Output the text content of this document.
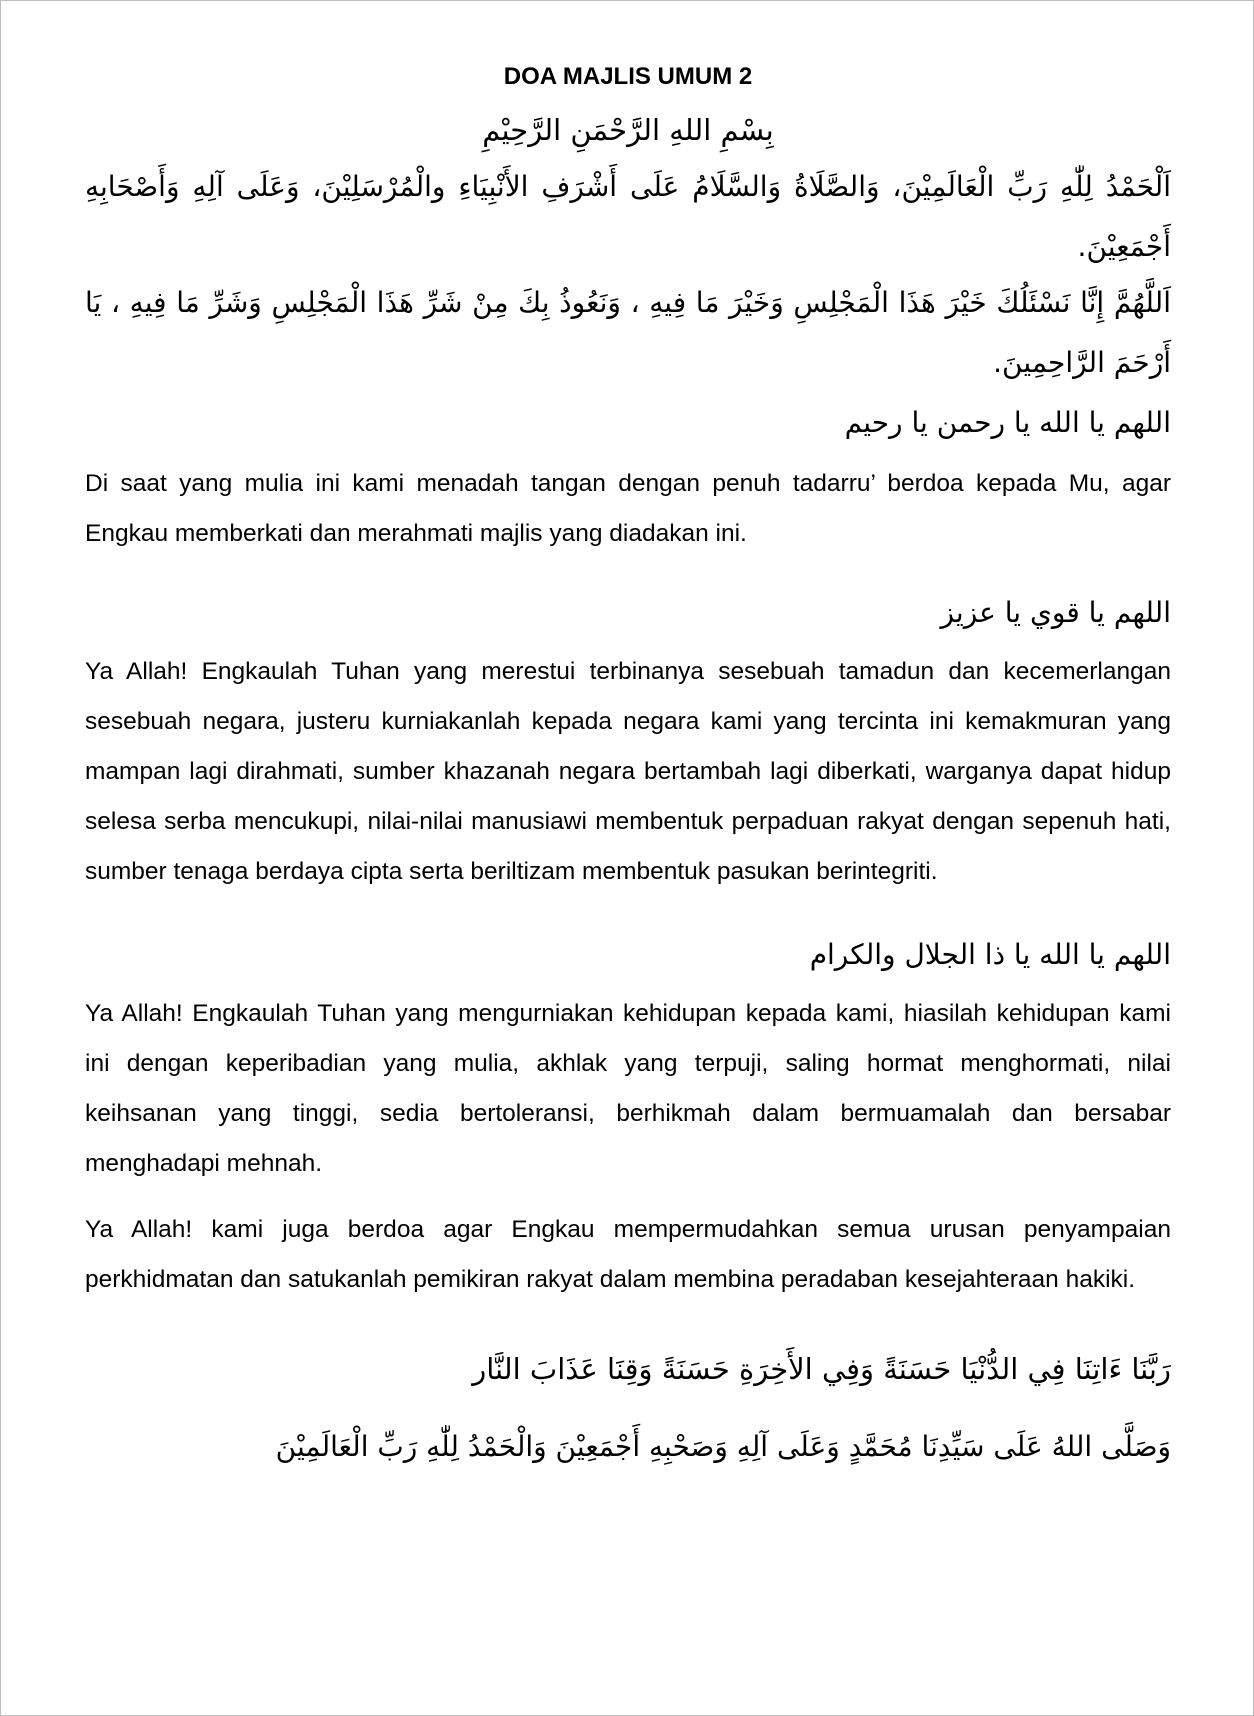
DOA MAJLIS UMUM 2

بِسْمِ اللهِ الرَّحْمَنِ الرَّحِيْمِ

اَلْحَمْدُ لِلّٰهِ رَبِّ الْعَالَمِيْنَ، وَالصَّلَاةُ وَالسَّلَامُ عَلَى أَشْرَفِ الأَنْبِيَاءِ والْمُرْسَلِيْنَ، وَعَلَى آلِهِ وَأَصْحَابِهِ أَجْمَعِيْنَ.

اَللَّهُمَّ إِنَّا نَسْئَلُكَ خَيْرَ هَذَا الْمَجْلِسِ وَخَيْرَ مَا فِيهِ ، وَنَعُوذُ بِكَ مِنْ شَرِّ هَذَا الْمَجْلِسِ وَشَرِّ مَا فِيهِ ، يَا أَرْحَمَ الرَّاحِمِينَ.

اللهم يا الله يا رحمن يا رحيم

Di saat yang mulia ini kami menadah tangan dengan penuh tadarru’ berdoa kepada Mu, agar Engkau memberkati dan merahmati majlis yang diadakan ini.

اللهم يا قوي يا عزيز

Ya Allah! Engkaulah Tuhan yang merestui terbinanya sesebuah tamadun dan kecemerlangan sesebuah negara, justeru kurniakanlah kepada negara kami yang tercinta ini kemakmuran yang mampan lagi dirahmati, sumber khazanah negara bertambah lagi diberkati, warganya dapat hidup selesa serba mencukupi, nilai-nilai manusiawi membentuk perpaduan rakyat dengan sepenuh hati, sumber tenaga berdaya cipta serta beriltizam membentuk pasukan berintegriti.

اللهم يا الله يا ذا الجلال والكرام

Ya Allah! Engkaulah Tuhan yang mengurniakan kehidupan kepada kami, hiasilah kehidupan kami ini dengan keperibadian yang mulia, akhlak yang terpuji, saling hormat menghormati, nilai keihsanan yang tinggi, sedia bertoleransi, berhikmah dalam bermuamalah dan bersabar menghadapi mehnah.

Ya Allah! kami juga berdoa agar Engkau mempermudahkan semua urusan penyampaian perkhidmatan dan satukanlah pemikiran rakyat dalam membina peradaban kesejahteraan hakiki.

رَبَّنَا ءَاتِنَا فِي الدُّنْيَا حَسَنَةً وَفِي الأَخِرَةِ حَسَنَةً وَقِنَا عَذَابَ النَّار

وَصَلَّى اللهُ عَلَى سَيِّدِنَا مُحَمَّدٍ وَعَلَى آلِهِ وَصَحْبِهِ أَجْمَعِيْنَ وَالْحَمْدُ لِلّٰهِ رَبِّ الْعَالَمِيْنَ
